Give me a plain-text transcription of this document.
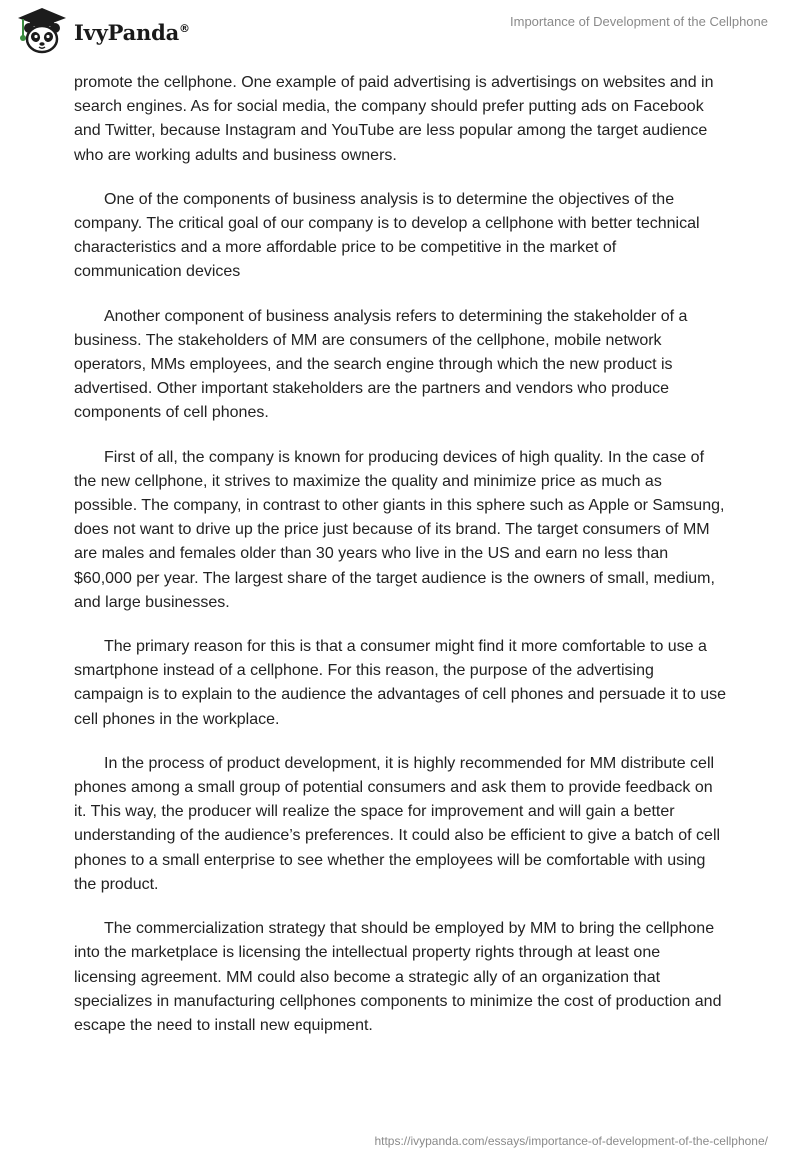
IvyPanda®	Importance of Development of the Cellphone

promote the cellphone. One example of paid advertising is advertisings on websites and in search engines. As for social media, the company should prefer putting ads on Facebook and Twitter, because Instagram and YouTube are less popular among the target audience who are working adults and business owners.

One of the components of business analysis is to determine the objectives of the company. The critical goal of our company is to develop a cellphone with better technical characteristics and a more affordable price to be competitive in the market of communication devices

Another component of business analysis refers to determining the stakeholder of a business. The stakeholders of MM are consumers of the cellphone, mobile network operators, MMs employees, and the search engine through which the new product is advertised. Other important stakeholders are the partners and vendors who produce components of cell phones.

First of all, the company is known for producing devices of high quality. In the case of the new cellphone, it strives to maximize the quality and minimize price as much as possible. The company, in contrast to other giants in this sphere such as Apple or Samsung, does not want to drive up the price just because of its brand. The target consumers of MM are males and females older than 30 years who live in the US and earn no less than $60,000 per year. The largest share of the target audience is the owners of small, medium, and large businesses.

The primary reason for this is that a consumer might find it more comfortable to use a smartphone instead of a cellphone. For this reason, the purpose of the advertising campaign is to explain to the audience the advantages of cell phones and persuade it to use cell phones in the workplace.

In the process of product development, it is highly recommended for MM distribute cell phones among a small group of potential consumers and ask them to provide feedback on it. This way, the producer will realize the space for improvement and will gain a better understanding of the audience’s preferences. It could also be efficient to give a batch of cell phones to a small enterprise to see whether the employees will be comfortable with using the product.

The commercialization strategy that should be employed by MM to bring the cellphone into the marketplace is licensing the intellectual property rights through at least one licensing agreement. MM could also become a strategic ally of an organization that specializes in manufacturing cellphones components to minimize the cost of production and escape the need to install new equipment.

https://ivypanda.com/essays/importance-of-development-of-the-cellphone/
